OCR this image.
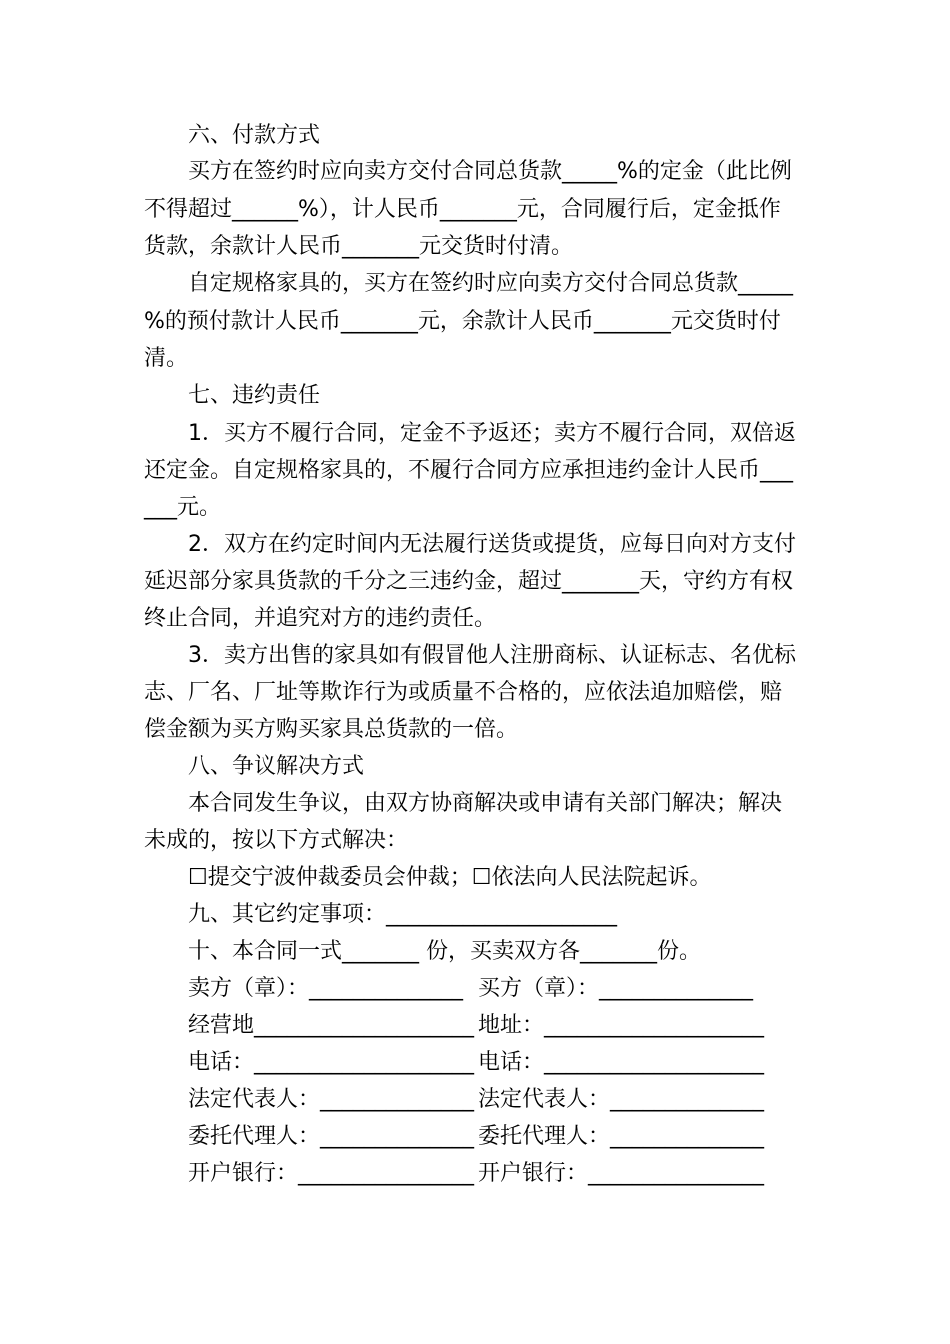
六、付款方式
买方在签约时应向卖方交付合同总货款_____%的定金（此比例
不得超过______%），计人民币_______元，合同履行后，定金抵作
货款，余款计人民币_______元交货时付清。
自定规格家具的，买方在签约时应向卖方交付合同总货款_____
%的预付款计人民币_______元，余款计人民币_______元交货时付
清。
七、违约责任
1．买方不履行合同，定金不予返还；卖方不履行合同，双倍返
还定金。自定规格家具的，不履行合同方应承担违约金计人民币___
___元。
2．双方在约定时间内无法履行送货或提货，应每日向对方支付
延迟部分家具货款的千分之三违约金，超过_______天，守约方有权
终止合同，并追究对方的违约责任。
3．卖方出售的家具如有假冒他人注册商标、认证标志、名优标
志、厂名、厂址等欺诈行为或质量不合格的，应依法追加赔偿，赔
偿金额为买方购买家具总货款的一倍。
八、争议解决方式
本合同发生争议，由双方协商解决或申请有关部门解决；解决
未成的，按以下方式解决：
☐提交宁波仲裁委员会仲裁；☐依法向人民法院起诉。
九、其它约定事项：_____________________
十、本合同一式_______ 份，买卖双方各_______份。
卖方（章）：______________
经营地____________________
电话：____________________
法定代表人：______________
委托代理人：______________
开户银行：________________
买方（章）：______________
地址：____________________
电话：____________________
法定代表人：______________
委托代理人：______________
开户银行：________________
